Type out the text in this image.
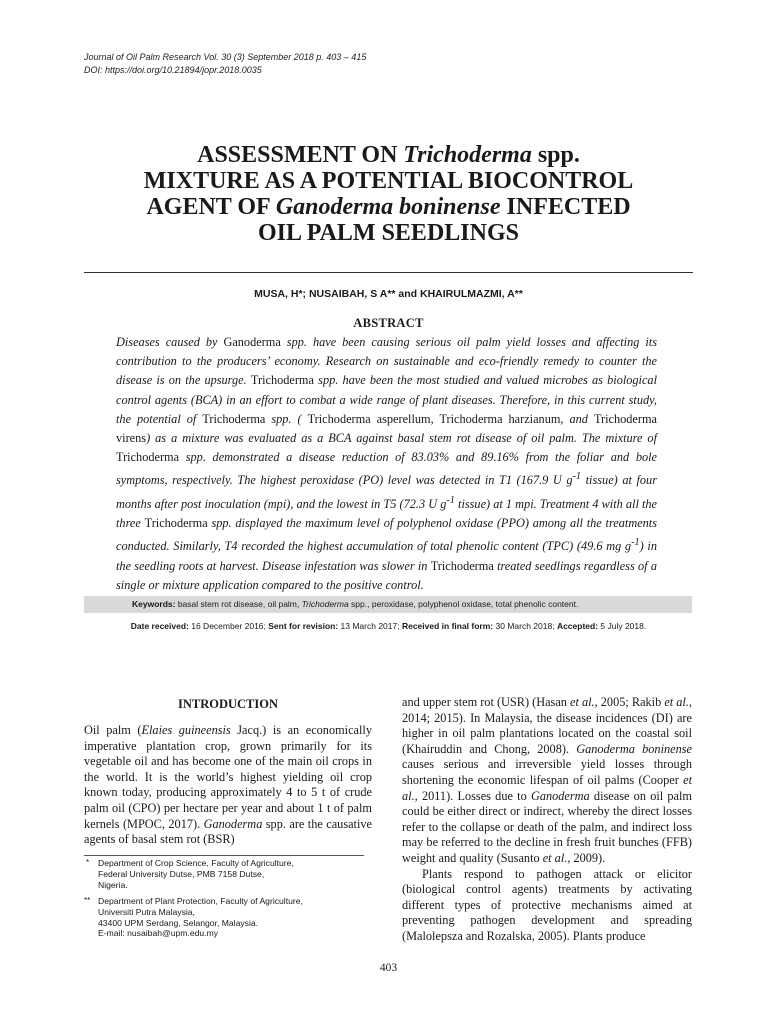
Journal of Oil Palm Research Vol. 30 (3) September 2018 p. 403 – 415
DOI: https://doi.org/10.21894/jopr.2018.0035
ASSESSMENT ON Trichoderma spp.
MIXTURE AS A POTENTIAL BIOCONTROL
AGENT OF Ganoderma boninense INFECTED
OIL PALM SEEDLINGS
MUSA, H*; NUSAIBAH, S A** and KHAIRULMAZMI, A**
ABSTRACT
Diseases caused by Ganoderma spp. have been causing serious oil palm yield losses and affecting its contribution to the producers’ economy. Research on sustainable and eco-friendly remedy to counter the disease is on the upsurge. Trichoderma spp. have been the most studied and valued microbes as biological control agents (BCA) in an effort to combat a wide range of plant diseases. Therefore, in this current study, the potential of Trichoderma spp. ( Trichoderma asperellum, Trichoderma harzianum, and Trichoderma virens) as a mixture was evaluated as a BCA against basal stem rot disease of oil palm. The mixture of Trichoderma spp. demonstrated a disease reduction of 83.03% and 89.16% from the foliar and bole symptoms, respectively. The highest peroxidase (PO) level was detected in T1 (167.9 U $g^{-1}$ tissue) at four months after post inoculation (mpi), and the lowest in T5 (72.3 U $g^{-1}$ tissue) at 1 mpi. Treatment 4 with all the three Trichoderma spp. displayed the maximum level of polyphenol oxidase (PPO) among all the treatments conducted. Similarly, T4 recorded the highest accumulation of total phenolic content (TPC) (49.6 mg $g^{-1}$) in the seedling roots at harvest. Disease infestation was slower in Trichoderma treated seedlings regardless of a single or mixture application compared to the positive control.
Keywords: basal stem rot disease, oil palm, Trichoderma spp., peroxidase, polyphenol oxidase, total phenolic content.
Date received: 16 December 2016; Sent for revision: 13 March 2017; Received in final form: 30 March 2018; Accepted: 5 July 2018.
INTRODUCTION

Oil palm (Elaies guineensis Jacq.) is an economically imperative plantation crop, grown primarily for its vegetable oil and has become one of the main oil crops in the world. It is the world’s highest yielding oil crop known today, producing approximately 4 to 5 t of crude palm oil (CPO) per hectare per year and about 1 t of palm kernels (MPOC, 2017). Ganoderma spp. are the causative agents of basal stem rot (BSR)

and upper stem rot (USR) (Hasan et al., 2005; Rakib et al., 2014; 2015). In Malaysia, the disease incidences (DI) are higher in oil palm plantations located on the coastal soil (Khairuddin and Chong, 2008). Ganoderma boninense causes serious and irreversible yield losses through shortening the economic lifespan of oil palms (Cooper et al., 2011). Losses due to Ganoderma disease on oil palm could be either direct or indirect, whereby the direct losses refer to the collapse or death of the palm, and indirect loss may be referred to the decline in fresh fruit bunches (FFB) weight and quality (Susanto et al., 2009).

Plants respond to pathogen attack or elicitor (biological control agents) treatments by activating different types of protective mechanisms aimed at preventing pathogen development and spreading (Malolepsza and Rozalska, 2005). Plants produce

* Department of Crop Science, Faculty of Agriculture,
Federal University Dutse, PMB 7158 Dutse,
Nigeria.
** Department of Plant Protection, Faculty of Agriculture,
Universiti Putra Malaysia,
43400 UPM Serdang, Selangor, Malaysia.
E-mail: nusaibah@upm.edu.my
403
